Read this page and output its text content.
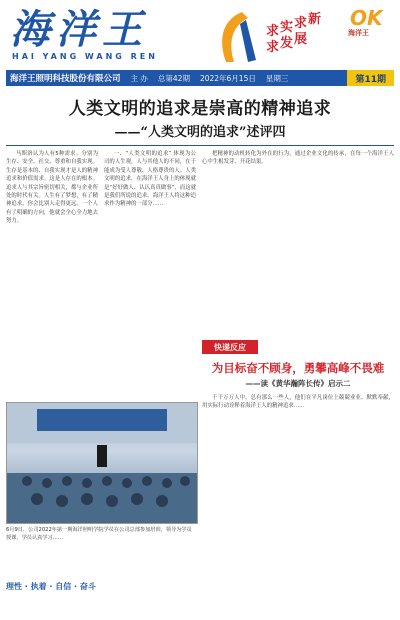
海洋王
HAI YANG WANG REN
求 实 求 新
求 发 展
OK
海洋王
海洋王照明科技股份有限公司 主 办 总第42期 2022年6月15日 星期三	第11期
人类文明的追求是崇高的精神追求
——“人类文明的追求”述评四

马斯洛认为人有5种需求。分别为生存、安全、社交、尊重和自我实现。生存是基本的、自我实现才是人的精神追求和价值需求。这是人存在的根本。追求人与其宗旨密切相关，都与企业所处的时代有关。人生有了梦想，有了精神追求，你会比别人走得更远。一个人有了明确的方向，他就会全心全力地去努力。

一、“人类文明的追求” 体现为公司的人生观。人与其他人的不同，在于能成为受人尊敬、人格尊贵的人。人类文明的追求，在海洋王人身上的体现就是“好好做人、认认真真做事”，而这就是我们所说的追求。海洋王人将这种追求作为精神的一部分……

把精神的动机转化为外在的行为，通过企业文化的传承，在每一个海洋王人心中生根发芽、开花结果。

6月9日，公司2022年第一期海洋照明学院学员在公司总部参加培训，领导为学员授课，学员认真学习……
快递反应
为目标奋不顾身，勇攀高峰不畏难
——读《黄华瀚阵长传》启示二

千千万万人中，总有那么一些人，他们在平凡岗位上兢兢业业、默默奉献，用实际行动诠释着海洋王人的精神追求……

理性 · 执着 · 自信 · 奋斗
